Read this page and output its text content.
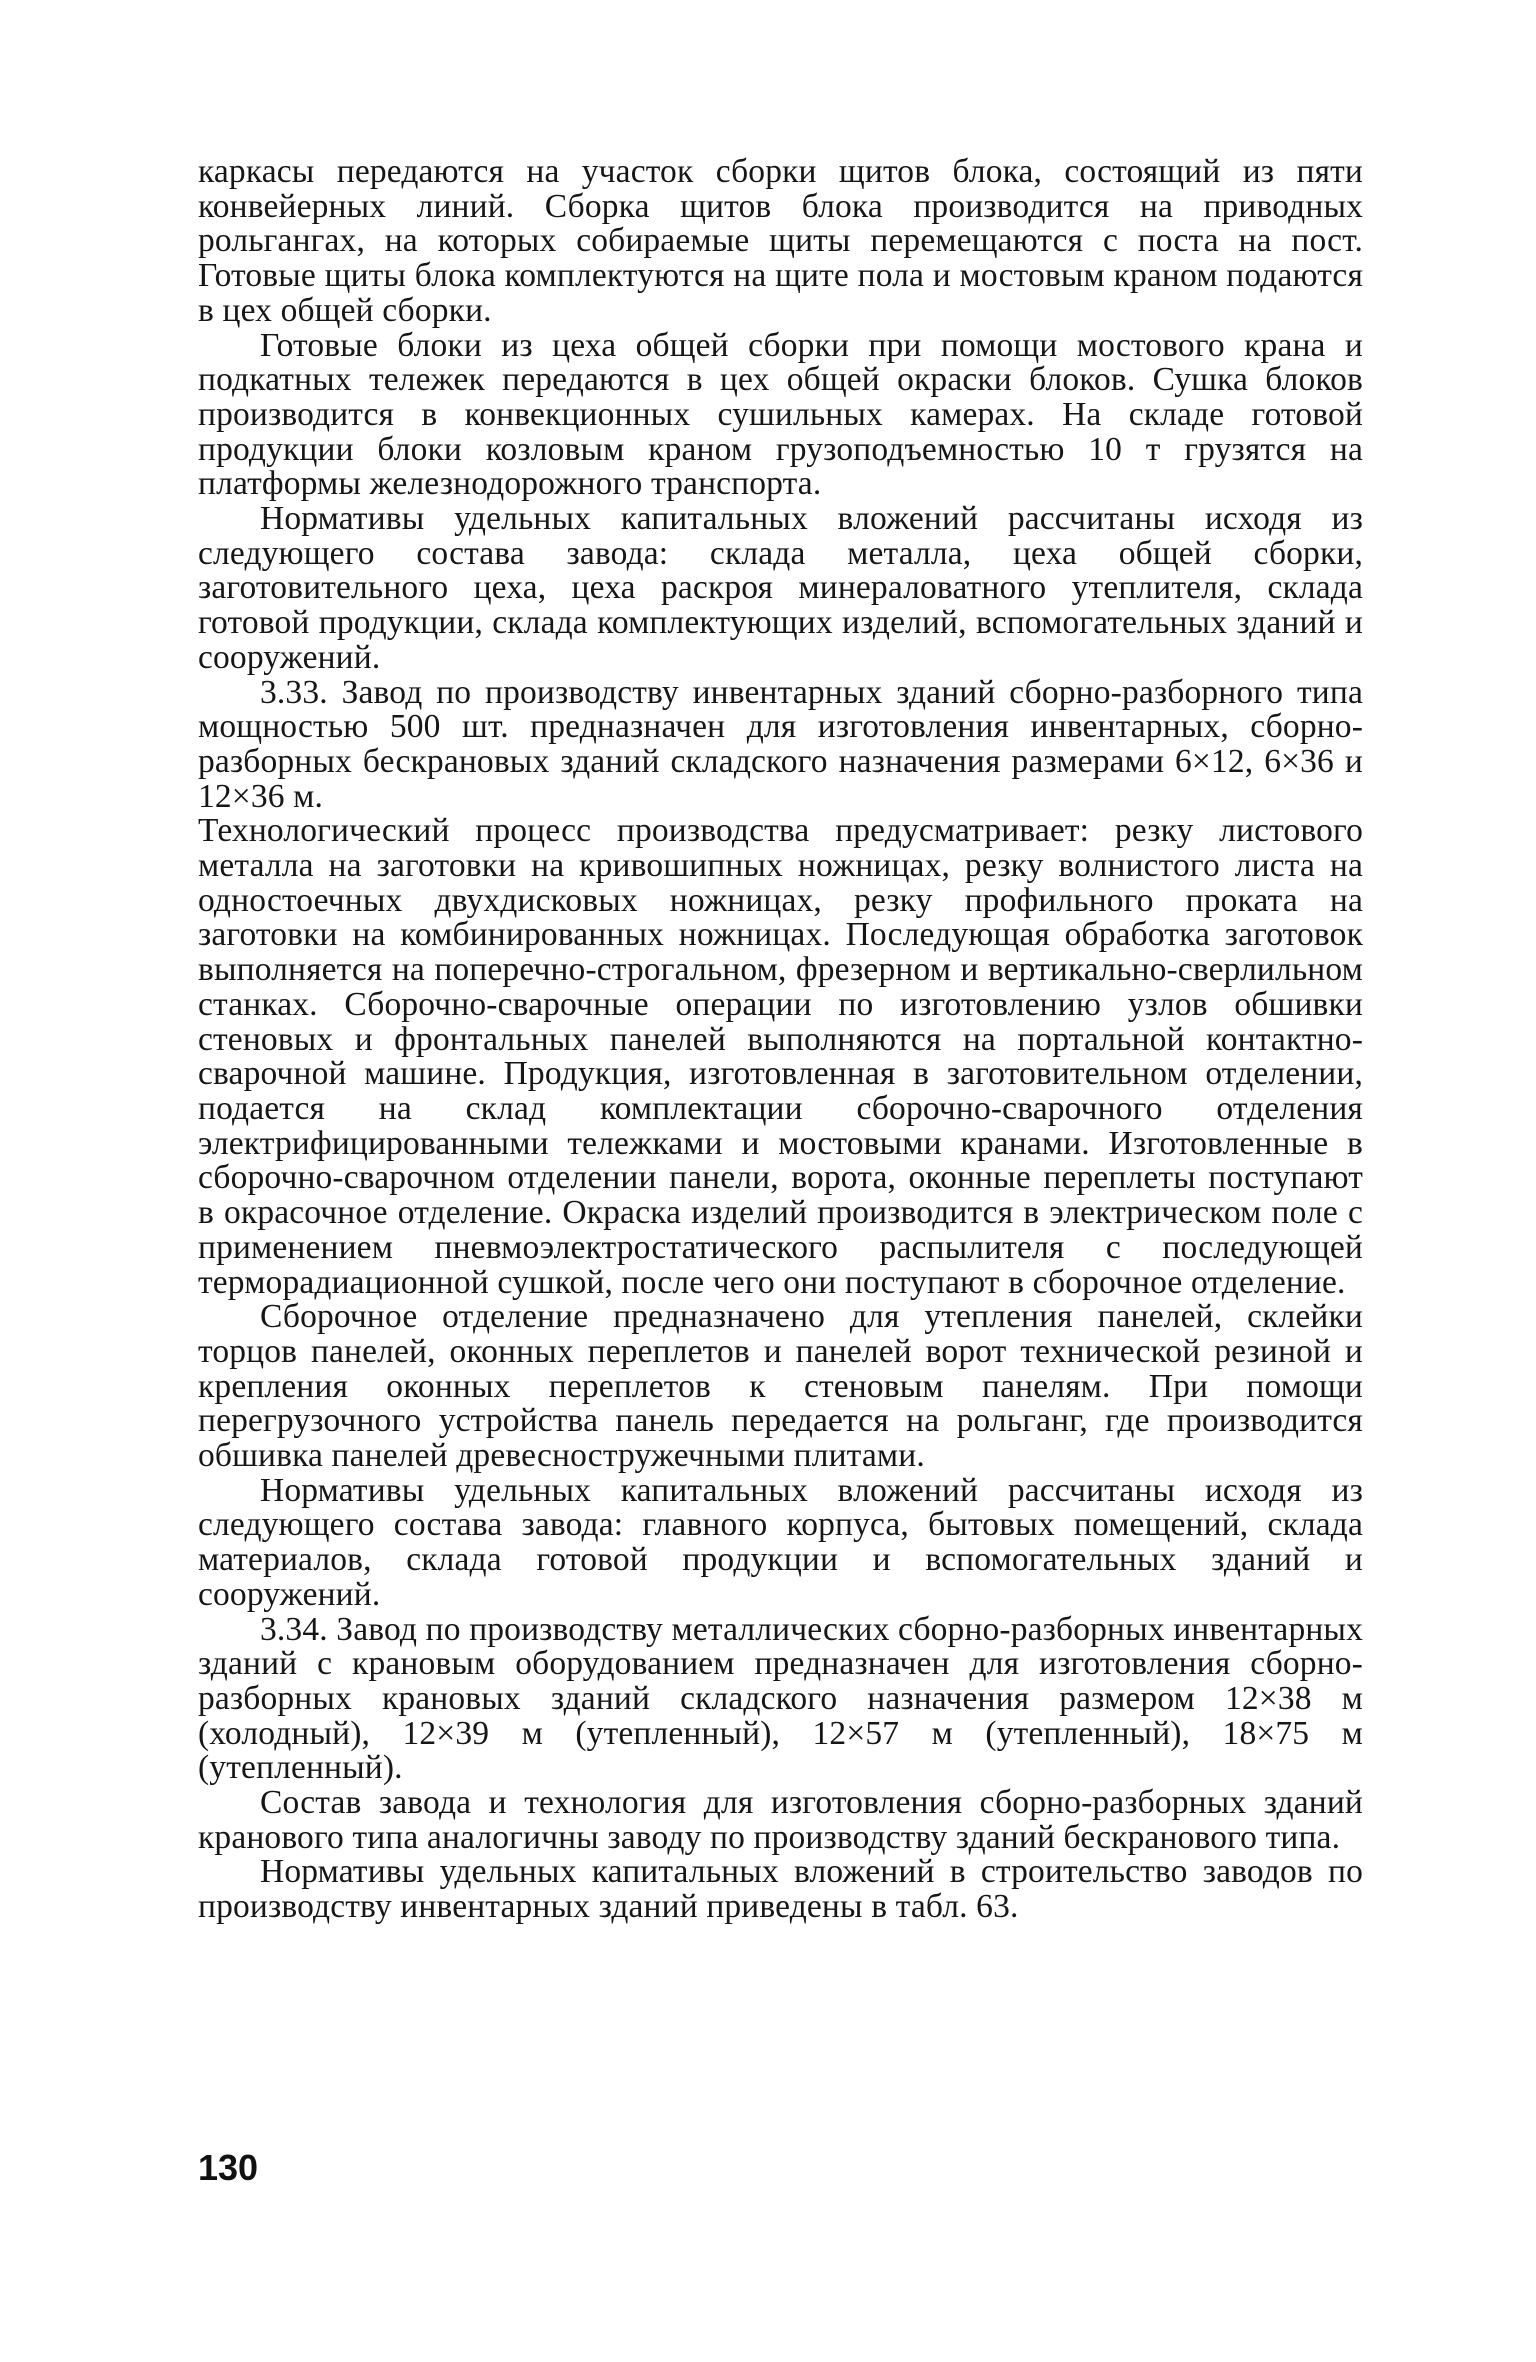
каркасы передаются на участок сборки щитов блока, состоящий из пяти конвейерных линий. Сборка щитов блока производится на приводных рольгангах, на которых собираемые щиты перемещаются с поста на пост. Готовые щиты блока комплектуются на щите пола и мостовым краном подаются в цех общей сборки.

Готовые блоки из цеха общей сборки при помощи мостового крана и подкатных тележек передаются в цех общей окраски блоков. Сушка блоков производится в конвекционных сушильных камерах. На складе готовой продукции блоки козловым краном грузоподъемностью 10 т грузятся на платформы железнодорожного транспорта.

Нормативы удельных капитальных вложений рассчитаны исходя из следующего состава завода: склада металла, цеха общей сборки, заготовительного цеха, цеха раскроя минераловатного утеплителя, склада готовой продукции, склада комплектующих изделий, вспомогательных зданий и сооружений.

3.33. Завод по производству инвентарных зданий сборно-разборного типа мощностью 500 шт. предназначен для изготовления инвентарных, сборно-разборных бескрановых зданий складского назначения размерами 6×12, 6×36 и 12×36 м.

Технологический процесс производства предусматривает: резку листового металла на заготовки на кривошипных ножницах, резку волнистого листа на одностоечных двухдисковых ножницах, резку профильного проката на заготовки на комбинированных ножницах. Последующая обработка заготовок выполняется на поперечно-строгальном, фрезерном и вертикально-сверлильном станках. Сборочно-сварочные операции по изготовлению узлов обшивки стеновых и фронтальных панелей выполняются на портальной контактно-сварочной машине. Продукция, изготовленная в заготовительном отделении, подается на склад комплектации сборочно-сварочного отделения электрифицированными тележками и мостовыми кранами. Изготовленные в сборочно-сварочном отделении панели, ворота, оконные переплеты поступают в окрасочное отделение. Окраска изделий производится в электрическом поле с применением пневмоэлектростатического распылителя с последующей терморадиационной сушкой, после чего они поступают в сборочное отделение.

Сборочное отделение предназначено для утепления панелей, склейки торцов панелей, оконных переплетов и панелей ворот технической резиной и крепления оконных переплетов к стеновым панелям. При помощи перегрузочного устройства панель передается на рольганг, где производится обшивка панелей древесностружечными плитами.

Нормативы удельных капитальных вложений рассчитаны исходя из следующего состава завода: главного корпуса, бытовых помещений, склада материалов, склада готовой продукции и вспомогательных зданий и сооружений.

3.34. Завод по производству металлических сборно-разборных инвентарных зданий с крановым оборудованием предназначен для изготовления сборно-разборных крановых зданий складского назначения размером 12×38 м (холодный), 12×39 м (утепленный), 12×57 м (утепленный), 18×75 м (утепленный).

Состав завода и технология для изготовления сборно-разборных зданий кранового типа аналогичны заводу по производству зданий бескранового типа.

Нормативы удельных капитальных вложений в строительство заводов по производству инвентарных зданий приведены в табл. 63.

130
